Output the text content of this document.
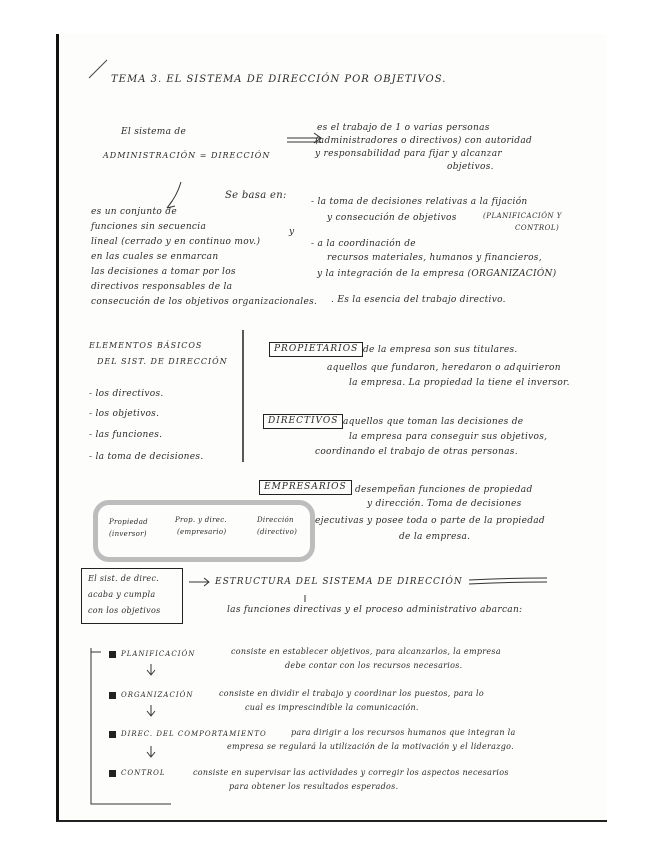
TEMA 3. EL SISTEMA DE DIRECCIÓN POR OBJETIVOS.
El sistema de
ADMINISTRACIÓN = DIRECCIÓN
es el trabajo de 1 o varias personas
(administradores o directivos) con autoridad
y responsabilidad para fijar y alcanzar
objetivos.
Se basa en:
y
es un conjunto de
funciones sin secuencia
lineal (cerrado y en continuo mov.)
en las cuales se enmarcan
las decisiones a tomar por los
directivos responsables de la
consecución de los objetivos organizacionales.
- la toma de decisiones relativas a la fijación
y consecución de objetivos	(PLANIFICACIÓN Y
CONTROL)
- a la coordinación de
recursos materiales, humanos y financieros,
y la integración de la empresa (ORGANIZACIÓN)
. Es la esencia del trabajo directivo.
ELEMENTOS BÁSICOS
DEL SIST. DE DIRECCIÓN
- los directivos.
- los objetivos.
- las funciones.
- la toma de decisiones.
PROPIETARIOS de la empresa son sus titulares.
aquellos que fundaron, heredaron o adquirieron
la empresa. La propiedad la tiene el inversor.
DIRECTIVOS aquellos que toman las decisiones de
la empresa para conseguir sus objetivos,
coordinando el trabajo de otras personas.
EMPRESARIOS desempeñan funciones de propiedad
y dirección. Toma de decisiones
ejecutivas y posee toda o parte de la propiedad
de la empresa.
Propiedad
(inversor)
Prop. y direc.
(empresario)
Dirección
(directivo)
El sist. de direc.
acaba y cumpla
con los objetivos
ESTRUCTURA DEL SISTEMA DE DIRECCIÓN
las funciones directivas y el proceso administrativo abarcan:
PLANIFICACIÓN	consiste en establecer objetivos, para alcanzarlos, la empresa
debe contar con los recursos necesarios.
ORGANIZACIÓN	consiste en dividir el trabajo y coordinar los puestos, para lo
cual es imprescindible la comunicación.
DIREC. DEL COMPORTAMIENTO	para dirigir a los recursos humanos que integran la
empresa se regulará la utilización de la motivación y el liderazgo.
CONTROL	consiste en supervisar las actividades y corregir los aspectos necesarios
para obtener los resultados esperados.
